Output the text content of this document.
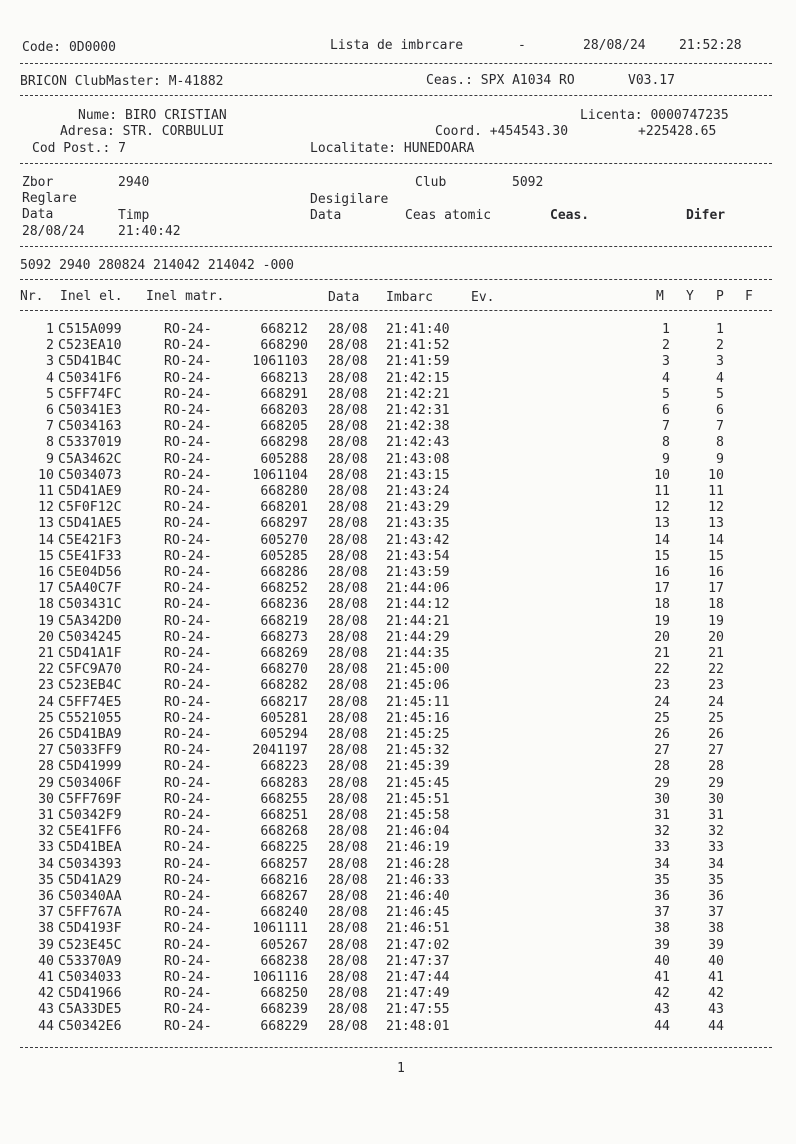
Code: 0D0000	Lista de imbrcare	-	28/08/24	21:52:28
BRICON ClubMaster: M-41882	Ceas.: SPX A1034 RO	V03.17
Nume: BIRO CRISTIAN
Adresa: STR. CORBULUI
Cod Post.: 7
Licenta: 0000747235
Coord. +454543.30	+225428.65
Localitate: HUNEDOARA
Zbor	2940	Club	5092
Reglare	Desigilare
Data	Timp	Data	Ceas atomic	Ceas.	Difer
28/08/24	21:40:42
5092 2940 280824 214042 214042 -000
Nr. Inel el. Inel matr.	Data Imbarc	Ev.	M Y P F
1 C515A099	RO-24-	668212 28/08	21:41:40	1	1
2 C523EA10	RO-24-	668290 28/08	21:41:52	2	2
3 C5D41B4C	RO-24-	1061103 28/08	21:41:59	3	3
4 C50341F6	RO-24-	668213 28/08	21:42:15	4	4
5 C5FF74FC	RO-24-	668291 28/08	21:42:21	5	5
6 C50341E3	RO-24-	668203 28/08	21:42:31	6	6
7 C5034163	RO-24-	668205 28/08	21:42:38	7	7
8 C5337019	RO-24-	668298 28/08	21:42:43	8	8
9 C5A3462C	RO-24-	605288 28/08	21:43:08	9	9
10 C5034073	RO-24-	1061104 28/08	21:43:15	10	10
11 C5D41AE9	RO-24-	668280 28/08	21:43:24	11	11
12 C5F0F12C	RO-24-	668201 28/08	21:43:29	12	12
13 C5D41AE5	RO-24-	668297 28/08	21:43:35	13	13
14 C5E421F3	RO-24-	605270 28/08	21:43:42	14	14
15 C5E41F33	RO-24-	605285 28/08	21:43:54	15	15
16 C5E04D56	RO-24-	668286 28/08	21:43:59	16	16
17 C5A40C7F	RO-24-	668252 28/08	21:44:06	17	17
18 C503431C	RO-24-	668236 28/08	21:44:12	18	18
19 C5A342D0	RO-24-	668219 28/08	21:44:21	19	19
20 C5034245	RO-24-	668273 28/08	21:44:29	20	20
21 C5D41A1F	RO-24-	668269 28/08	21:44:35	21	21
22 C5FC9A70	RO-24-	668270 28/08	21:45:00	22	22
23 C523EB4C	RO-24-	668282 28/08	21:45:06	23	23
24 C5FF74E5	RO-24-	668217 28/08	21:45:11	24	24
25 C5521055	RO-24-	605281 28/08	21:45:16	25	25
26 C5D41BA9	RO-24-	605294 28/08	21:45:25	26	26
27 C5033FF9	RO-24-	2041197 28/08	21:45:32	27	27
28 C5D41999	RO-24-	668223 28/08	21:45:39	28	28
29 C503406F	RO-24-	668283 28/08	21:45:45	29	29
30 C5FF769F	RO-24-	668255 28/08	21:45:51	30	30
31 C50342F9	RO-24-	668251 28/08	21:45:58	31	31
32 C5E41FF6	RO-24-	668268 28/08	21:46:04	32	32
33 C5D41BEA	RO-24-	668225 28/08	21:46:19	33	33
34 C5034393	RO-24-	668257 28/08	21:46:28	34	34
35 C5D41A29	RO-24-	668216 28/08	21:46:33	35	35
36 C50340AA	RO-24-	668267 28/08	21:46:40	36	36
37 C5FF767A	RO-24-	668240 28/08	21:46:45	37	37
38 C5D4193F	RO-24-	1061111 28/08	21:46:51	38	38
39 C523E45C	RO-24-	605267 28/08	21:47:02	39	39
40 C53370A9	RO-24-	668238 28/08	21:47:37	40	40
41 C5034033	RO-24-	1061116 28/08	21:47:44	41	41
42 C5D41966	RO-24-	668250 28/08	21:47:49	42	42
43 C5A33DE5	RO-24-	668239 28/08	21:47:55	43	43
44 C50342E6	RO-24-	668229 28/08	21:48:01	44	44
1
